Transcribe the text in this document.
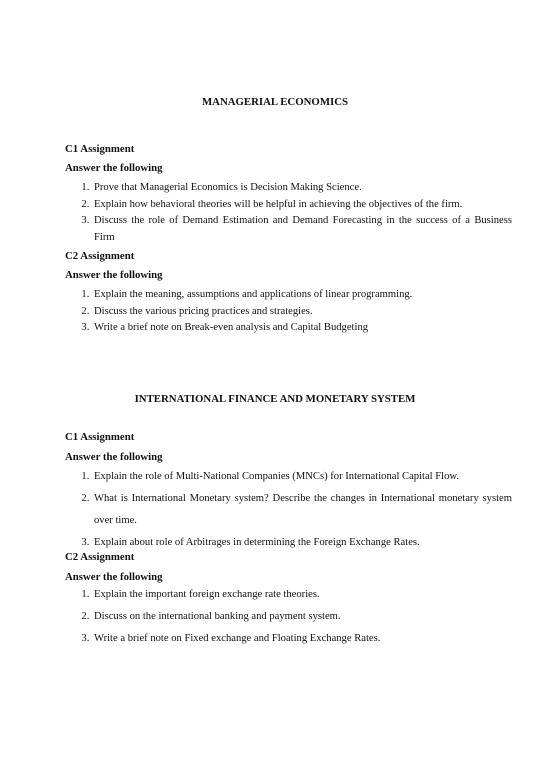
MANAGERIAL ECONOMICS
C1 Assignment
Answer the following
1. Prove that Managerial Economics is Decision Making Science.
2. Explain how behavioral theories will be helpful in achieving the objectives of the firm.
3. Discuss the role of Demand Estimation and Demand Forecasting in the success of a Business Firm
C2 Assignment
Answer the following
1. Explain the meaning, assumptions and applications of linear programming.
2. Discuss the various pricing practices and strategies.
3. Write a brief note on Break-even analysis and Capital Budgeting
INTERNATIONAL FINANCE AND MONETARY SYSTEM
C1 Assignment
Answer the following
1. Explain the role of Multi-National Companies (MNCs) for International Capital Flow.
2. What is International Monetary system? Describe the changes in International monetary system over time.
3. Explain about role of Arbitrages in determining the Foreign Exchange Rates.
C2 Assignment
Answer the following
1. Explain the important foreign exchange rate theories.
2. Discuss on the international banking and payment system.
3. Write a brief note on Fixed exchange and Floating Exchange Rates.
